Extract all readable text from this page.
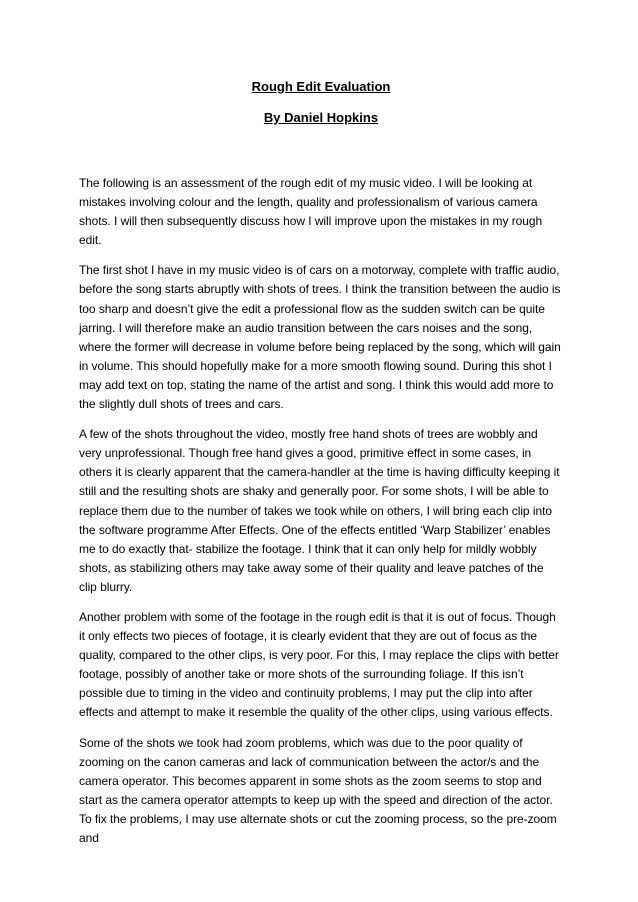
Rough Edit Evaluation

By Daniel Hopkins

The following is an assessment of the rough edit of my music video. I will be looking at mistakes involving colour and the length, quality and professionalism of various camera shots. I will then subsequently discuss how I will improve upon the mistakes in my rough edit.

The first shot I have in my music video is of cars on a motorway, complete with traffic audio, before the song starts abruptly with shots of trees. I think the transition between the audio is too sharp and doesn’t give the edit a professional flow as the sudden switch can be quite jarring. I will therefore make an audio transition between the cars noises and the song, where the former will decrease in volume before being replaced by the song, which will gain in volume. This should hopefully make for a more smooth flowing sound. During this shot I may add text on top, stating the name of the artist and song. I think this would add more to the slightly dull shots of trees and cars.

A few of the shots throughout the video, mostly free hand shots of trees are wobbly and very unprofessional. Though free hand gives a good, primitive effect in some cases, in others it is clearly apparent that the camera-handler at the time is having difficulty keeping it still and the resulting shots are shaky and generally poor. For some shots, I will be able to replace them due to the number of takes we took while on others, I will bring each clip into the software programme After Effects. One of the effects entitled ‘Warp Stabilizer’ enables me to do exactly that- stabilize the footage. I think that it can only help for mildly wobbly shots, as stabilizing others may take away some of their quality and leave patches of the clip blurry.

Another problem with some of the footage in the rough edit is that it is out of focus. Though it only effects two pieces of footage, it is clearly evident that they are out of focus as the quality, compared to the other clips, is very poor. For this, I may replace the clips with better footage, possibly of another take or more shots of the surrounding foliage. If this isn’t possible due to timing in the video and continuity problems, I may put the clip into after effects and attempt to make it resemble the quality of the other clips, using various effects.

Some of the shots we took had zoom problems, which was due to the poor quality of zooming on the canon cameras and lack of communication between the actor/s and the camera operator. This becomes apparent in some shots as the zoom seems to stop and start as the camera operator attempts to keep up with the speed and direction of the actor. To fix the problems, I may use alternate shots or cut the zooming process, so the pre-zoom and
